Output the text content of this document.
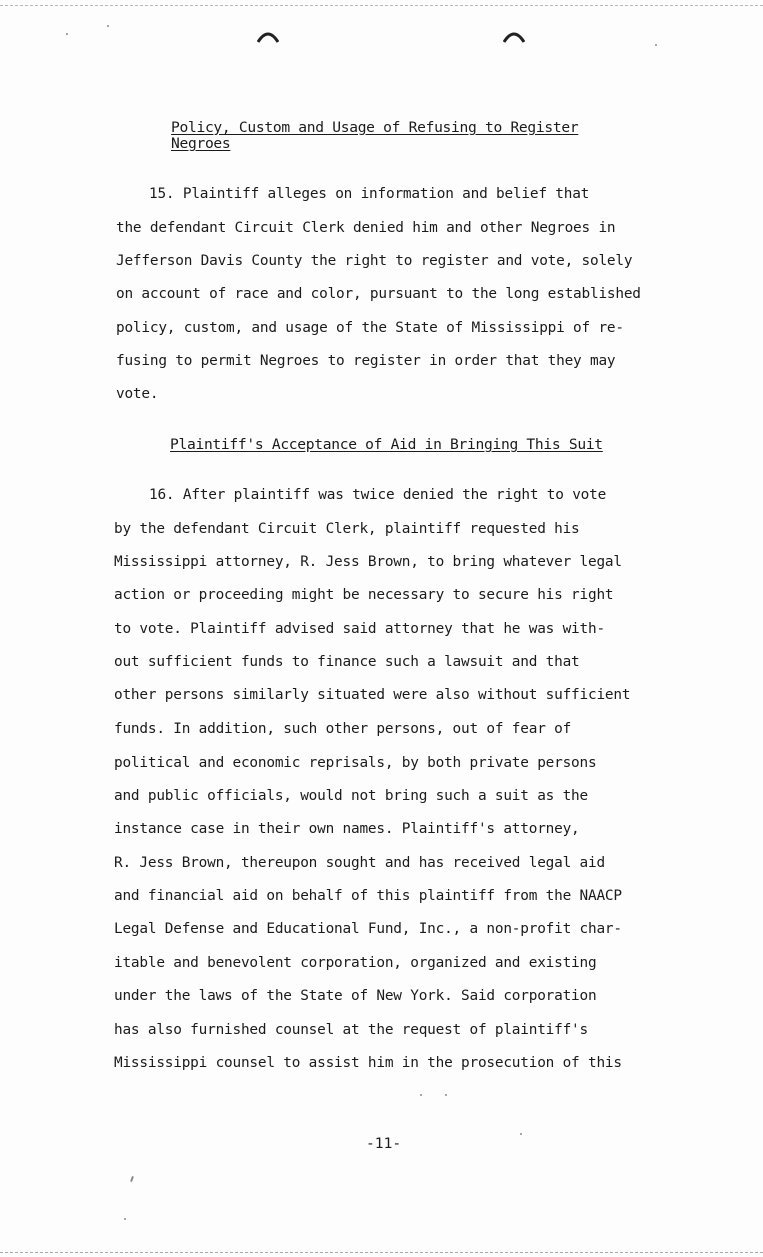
Policy, Custom and Usage of Refusing to Register
Negroes
15. Plaintiff alleges on information and belief that
the defendant Circuit Clerk denied him and other Negroes in
Jefferson Davis County the right to register and vote, solely
on account of race and color, pursuant to the long established
policy, custom, and usage of the State of Mississippi of re-
fusing to permit Negroes to register in order that they may
vote.
Plaintiff's Acceptance of Aid in Bringing This Suit
16. After plaintiff was twice denied the right to vote
by the defendant Circuit Clerk, plaintiff requested his
Mississippi attorney, R. Jess Brown, to bring whatever legal
action or proceeding might be necessary to secure his right
to vote. Plaintiff advised said attorney that he was with-
out sufficient funds to finance such a lawsuit and that
other persons similarly situated were also without sufficient
funds. In addition, such other persons, out of fear of
political and economic reprisals, by both private persons
and public officials, would not bring such a suit as the
instance case in their own names. Plaintiff's attorney,
R. Jess Brown, thereupon sought and has received legal aid
and financial aid on behalf of this plaintiff from the NAACP
Legal Defense and Educational Fund, Inc., a non-profit char-
itable and benevolent corporation, organized and existing
under the laws of the State of New York. Said corporation
has also furnished counsel at the request of plaintiff's
Mississippi counsel to assist him in the prosecution of this
-11-
